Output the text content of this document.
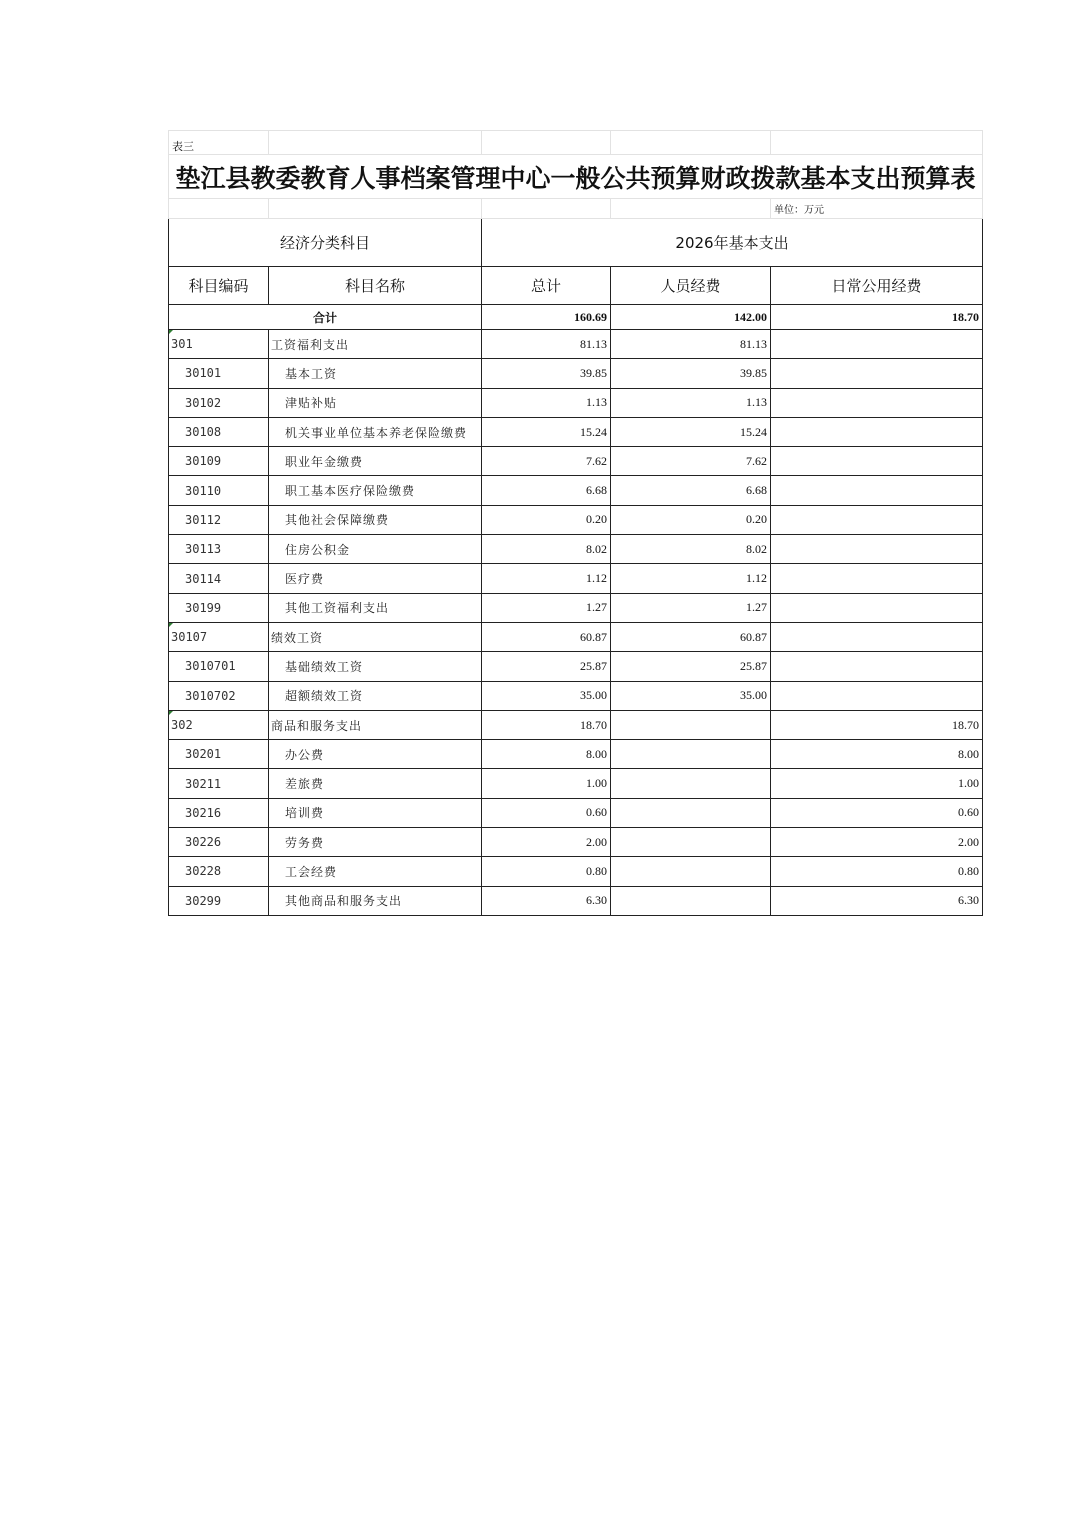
表三				
垫江县教委教育人事档案管理中心一般公共预算财政拨款基本支出预算表				
				单位：万元
经济分类科目		2026年基本支出		
科目编码	科目名称	总计	人员经费	日常公用经费
合计		160.69	142.00	18.70
301	工资福利支出	81.13	81.13	
30101	基本工资	39.85	39.85	
30102	津贴补贴	1.13	1.13	
30108	机关事业单位基本养老保险缴费	15.24	15.24	
30109	职业年金缴费	7.62	7.62	
30110	职工基本医疗保险缴费	6.68	6.68	
30112	其他社会保障缴费	0.20	0.20	
30113	住房公积金	8.02	8.02	
30114	医疗费	1.12	1.12	
30199	其他工资福利支出	1.27	1.27	
30107	绩效工资	60.87	60.87	
3010701	基础绩效工资	25.87	25.87	
3010702	超额绩效工资	35.00	35.00	
302	商品和服务支出	18.70		18.70
30201	办公费	8.00		8.00
30211	差旅费	1.00		1.00
30216	培训费	0.60		0.60
30226	劳务费	2.00		2.00
30228	工会经费	0.80		0.80
30299	其他商品和服务支出	6.30		6.30
